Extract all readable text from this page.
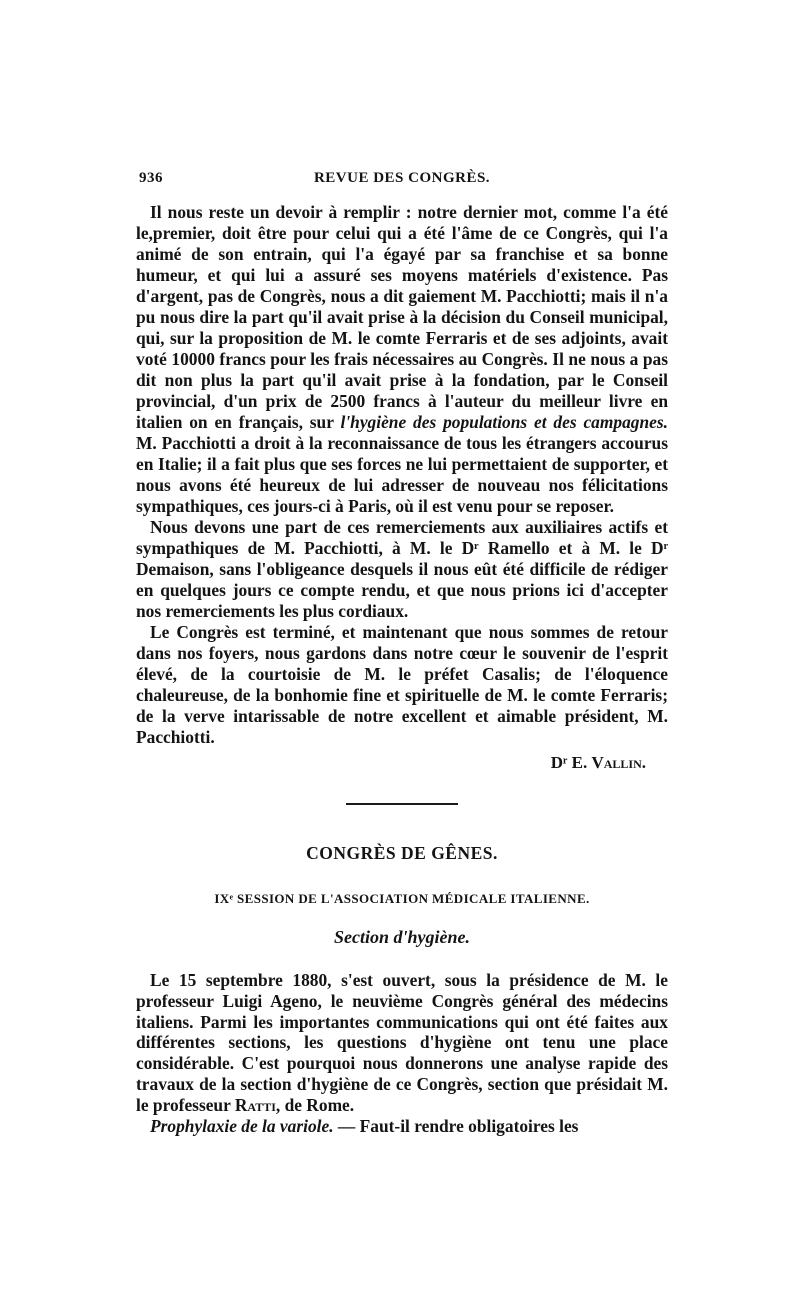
936	REVUE DES CONGRÈS.

Il nous reste un devoir à remplir : notre dernier mot, comme l'a été le,premier, doit être pour celui qui a été l'âme de ce Congrès, qui l'a animé de son entrain, qui l'a égayé par sa franchise et sa bonne humeur, et qui lui a assuré ses moyens matériels d'existence. Pas d'argent, pas de Congrès, nous a dit gaiement M. Pacchiotti; mais il n'a pu nous dire la part qu'il avait prise à la décision du Conseil municipal, qui, sur la proposition de M. le comte Ferraris et de ses adjoints, avait voté 10000 francs pour les frais nécessaires au Congrès. Il ne nous a pas dit non plus la part qu'il avait prise à la fondation, par le Conseil provincial, d'un prix de 2500 francs à l'auteur du meilleur livre en italien on en français, sur l'hygiène des populations et des campagnes. M. Pacchiotti a droit à la reconnaissance de tous les étrangers accourus en Italie; il a fait plus que ses forces ne lui permettaient de supporter, et nous avons été heureux de lui adresser de nouveau nos félicitations sympathiques, ces jours-ci à Paris, où il est venu pour se reposer.

Nous devons une part de ces remerciements aux auxiliaires actifs et sympathiques de M. Pacchiotti, à M. le Dʳ Ramello et à M. le Dʳ Demaison, sans l'obligeance desquels il nous eût été difficile de rédiger en quelques jours ce compte rendu, et que nous prions ici d'accepter nos remerciements les plus cordiaux.

Le Congrès est terminé, et maintenant que nous sommes de retour dans nos foyers, nous gardons dans notre cœur le souvenir de l'esprit élevé, de la courtoisie de M. le préfet Casalis; de l'éloquence chaleureuse, de la bonhomie fine et spirituelle de M. le comte Ferraris; de la verve intarissable de notre excellent et aimable président, M. Pacchiotti.

Dʳ E. Vallin.
CONGRÈS DE GÊNES.
IXᵉ SESSION DE L'ASSOCIATION MÉDICALE ITALIENNE.
Section d'hygiène.

Le 15 septembre 1880, s'est ouvert, sous la présidence de M. le professeur Luigi Ageno, le neuvième Congrès général des médecins italiens. Parmi les importantes communications qui ont été faites aux différentes sections, les questions d'hygiène ont tenu une place considérable. C'est pourquoi nous donnerons une analyse rapide des travaux de la section d'hygiène de ce Congrès, section que présidait M. le professeur Ratti, de Rome.

Prophylaxie de la variole. — Faut-il rendre obligatoires les
